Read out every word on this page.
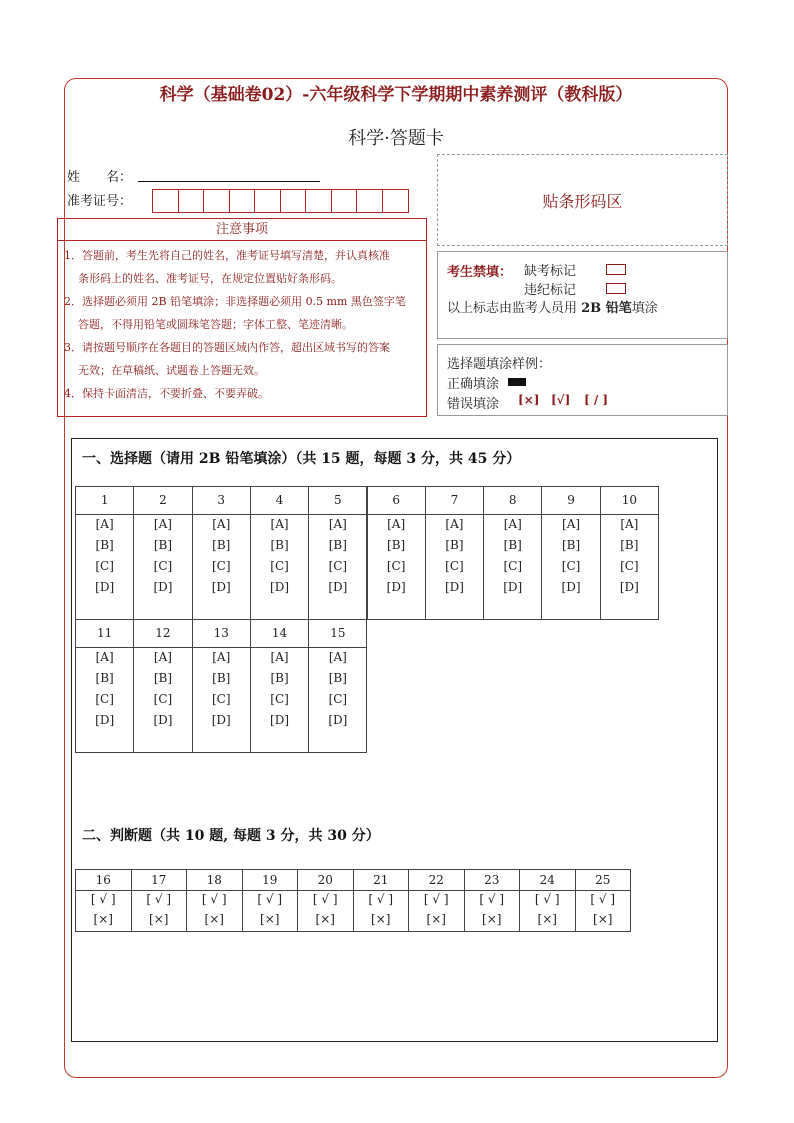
科学（基础卷02）-六年级科学下学期期中素养测评（教科版）
科学·答题卡
姓　　名：
准考证号：	贴条形码区
注意事项
1．答题前，考生先将自己的姓名，准考证号填写清楚，并认真核准
条形码上的姓名、准考证号，在规定位置贴好条形码。
2．选择题必须用 2B 铅笔填涂；非选择题必须用 0.5 mm 黑色签字笔
答题，不得用铅笔或圆珠笔答题；字体工整、笔迹清晰。
3．请按题号顺序在各题目的答题区域内作答，超出区域书写的答案
无效；在草稿纸、试题卷上答题无效。
4．保持卡面清洁，不要折叠、不要弄破。
考生禁填： 缺考标记
违纪标记
以上标志由监考人员用 2B 铅笔填涂
选择题填涂样例：
正确填涂
错误填涂 [×] [√] [ / ]
一、选择题（请用 2B 铅笔填涂）（共 15 题，每题 3 分，共 45 分）
1
[A]
[B]
[C]
[D]
2
[A]
[B]
[C]
[D]
3
[A]
[B]
[C]
[D]
4
[A]
[B]
[C]
[D]
5
[A]
[B]
[C]
[D]
6
[A]
[B]
[C]
[D]
7
[A]
[B]
[C]
[D]
8
[A]
[B]
[C]
[D]
9
[A]
[B]
[C]
[D]
10
[A]
[B]
[C]
[D]
11
[A]
[B]
[C]
[D]
12
[A]
[B]
[C]
[D]
13
[A]
[B]
[C]
[D]
14
[A]
[B]
[C]
[D]
15
[A]
[B]
[C]
[D]
二、判断题（共 10 题, 每题 3 分，共 30 分）
16
[ √ ]
[×]
17
[ √ ]
[×]
18
[ √ ]
[×]
19
[ √ ]
[×]
20
[ √ ]
[×]
21
[ √ ]
[×]
22
[ √ ]
[×]
23
[ √ ]
[×]
24
[ √ ]
[×]
25
[ √ ]
[×]
